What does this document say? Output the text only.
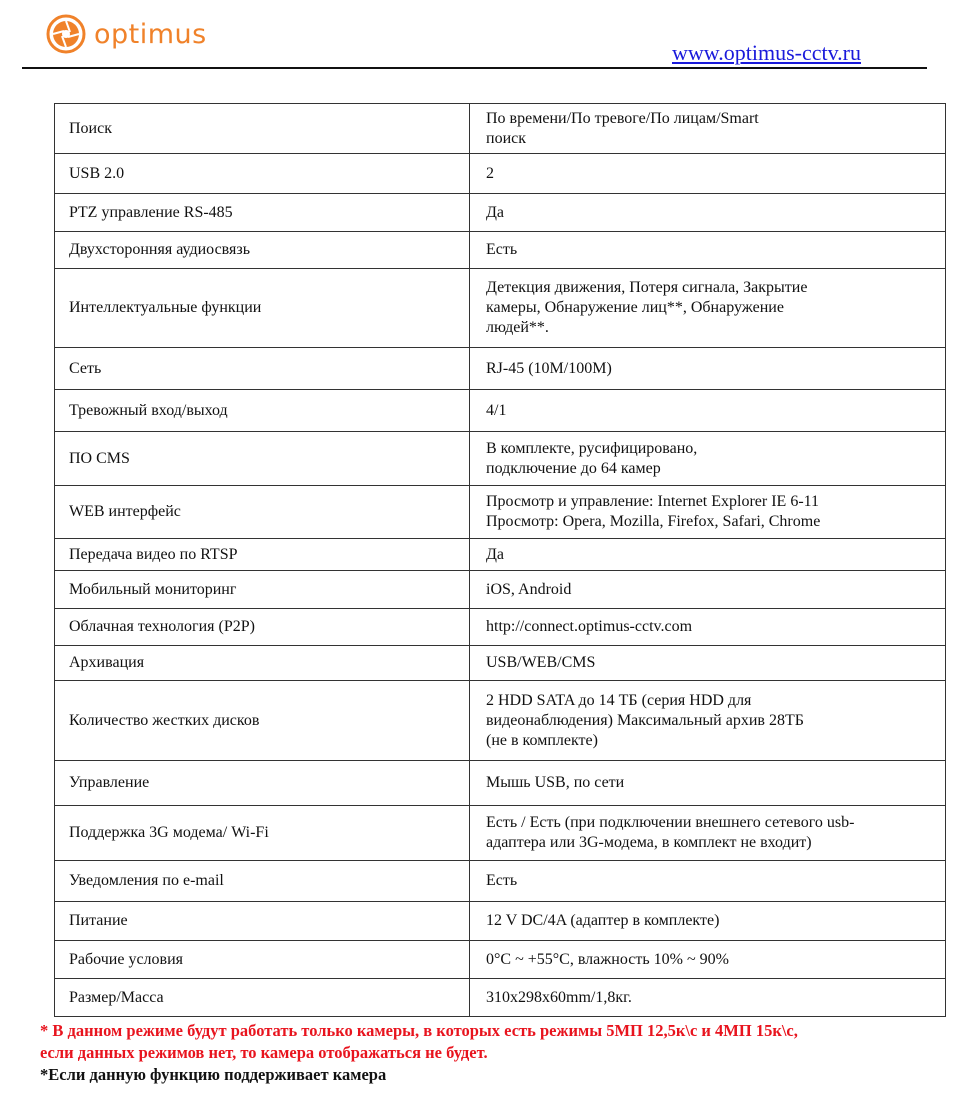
optimus
www.optimus-cctv.ru
Поиск	По времени/По тревоге/По лицам/Smart
поиск

USB 2.0	2

PTZ управление RS-485	Да

Двухсторонняя аудиосвязь	Есть

Интеллектуальные функции	Детекция движения, Потеря сигнала, Закрытие
камеры, Обнаружение лиц**, Обнаружение
людей**.

Сеть	RJ-45 (10M/100M)

Тревожный вход/выход	4/1

ПО CMS	В комплекте, русифицировано,
подключение до 64 камер

WEB интерфейс	Просмотр и управление: Internet Explorer IE 6-11
Просмотр: Opera, Mozilla, Firefox, Safari, Chrome

Передача видео по RTSP	Да

Мобильный мониторинг	iOS, Android

Облачная технология (P2P)	http://connect.optimus-cctv.com

Архивация	USB/WEB/CMS

Количество жестких дисков	2 HDD SATA до 14 ТБ (серия HDD для
видеонаблюдения) Максимальный архив 28ТБ
(не в комплекте)

Управление	Мышь USB, по сети

Поддержка 3G модема/ Wi-Fi	Есть / Есть (при подключении внешнего сетевого usb-
адаптера или 3G-модема, в комплект не входит)

Уведомления по e-mail	Есть

Питание	12 V DC/4A (адаптер в комплекте)

Рабочие условия	0°C ~ +55°C, влажность 10% ~ 90%

Размер/Масса	310x298x60mm/1,8кг.
* В данном режиме будут работать только камеры, в которых есть режимы 5МП 12,5к\с и 4МП 15к\с,
если данных режимов нет, то камера отображаться не будет.
*Если данную функцию поддерживает камера
